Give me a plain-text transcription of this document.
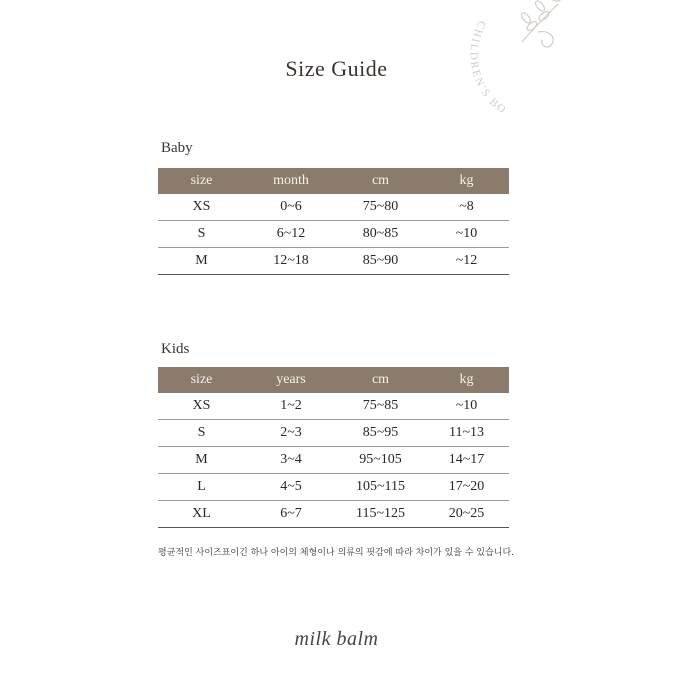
CHILDREN'S BO
Size Guide
Baby
size	month	cm	kg
XS	0~6	75~80	~8
S	6~12	80~85	~10
M	12~18	85~90	~12
Kids
size	years	cm	kg
XS	1~2	75~85	~10
S	2~3	85~95	11~13
M	3~4	95~105	14~17
L	4~5	105~115	17~20
XL	6~7	115~125	20~25
평균적인 사이즈표이긴 하나 아이의 체형이나 의류의 핏감에 따라 차이가 있을 수 있습니다.
milk balm
